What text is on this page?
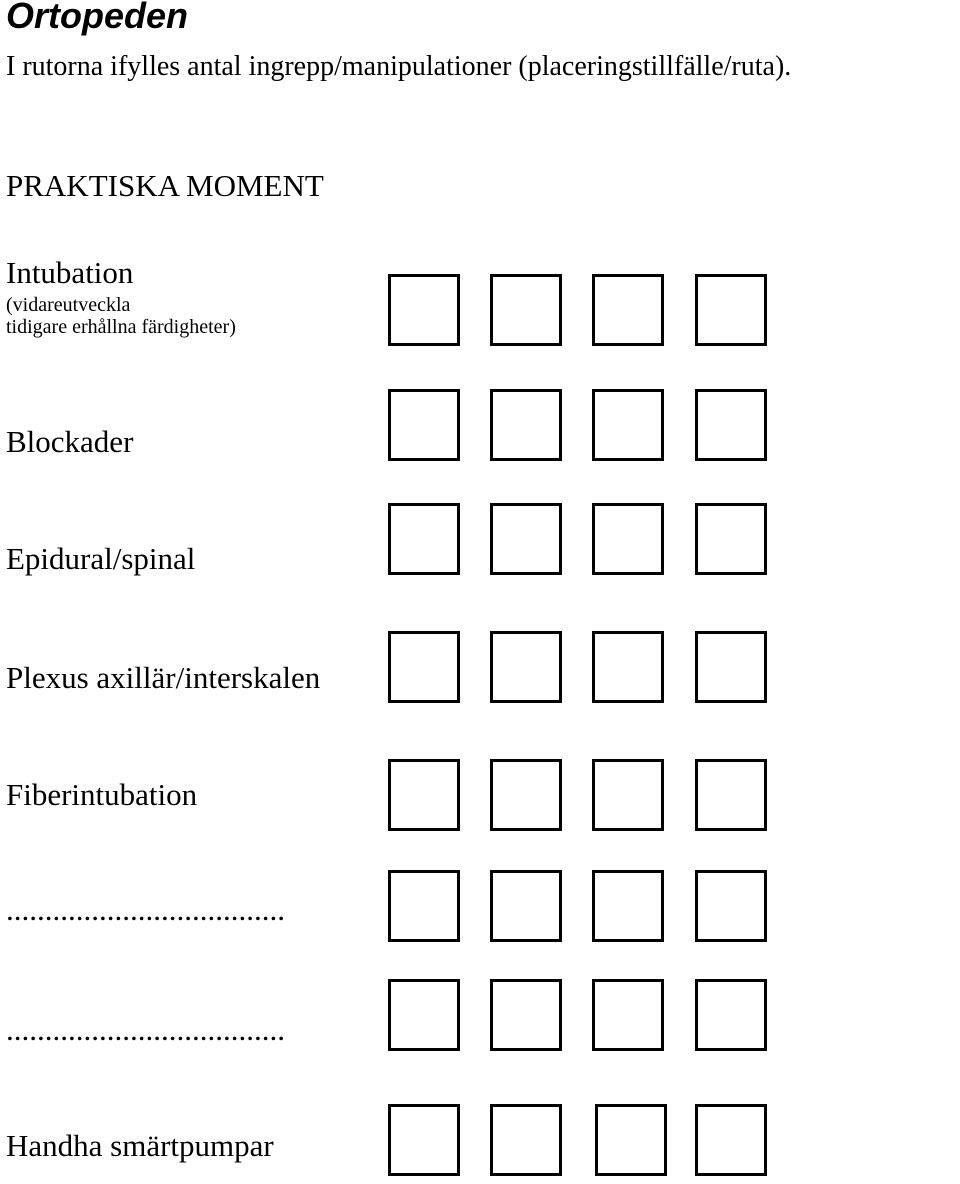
Ortopeden
I rutorna ifylles antal ingrepp/manipulationer (placeringstillfälle/ruta).
PRAKTISKA MOMENT
Intubation
(vidareutveckla
tidigare erhållna färdigheter)
Blockader
Epidural/spinal
Plexus axillär/interskalen
Fiberintubation
....................................
....................................
Handha smärtpumpar
